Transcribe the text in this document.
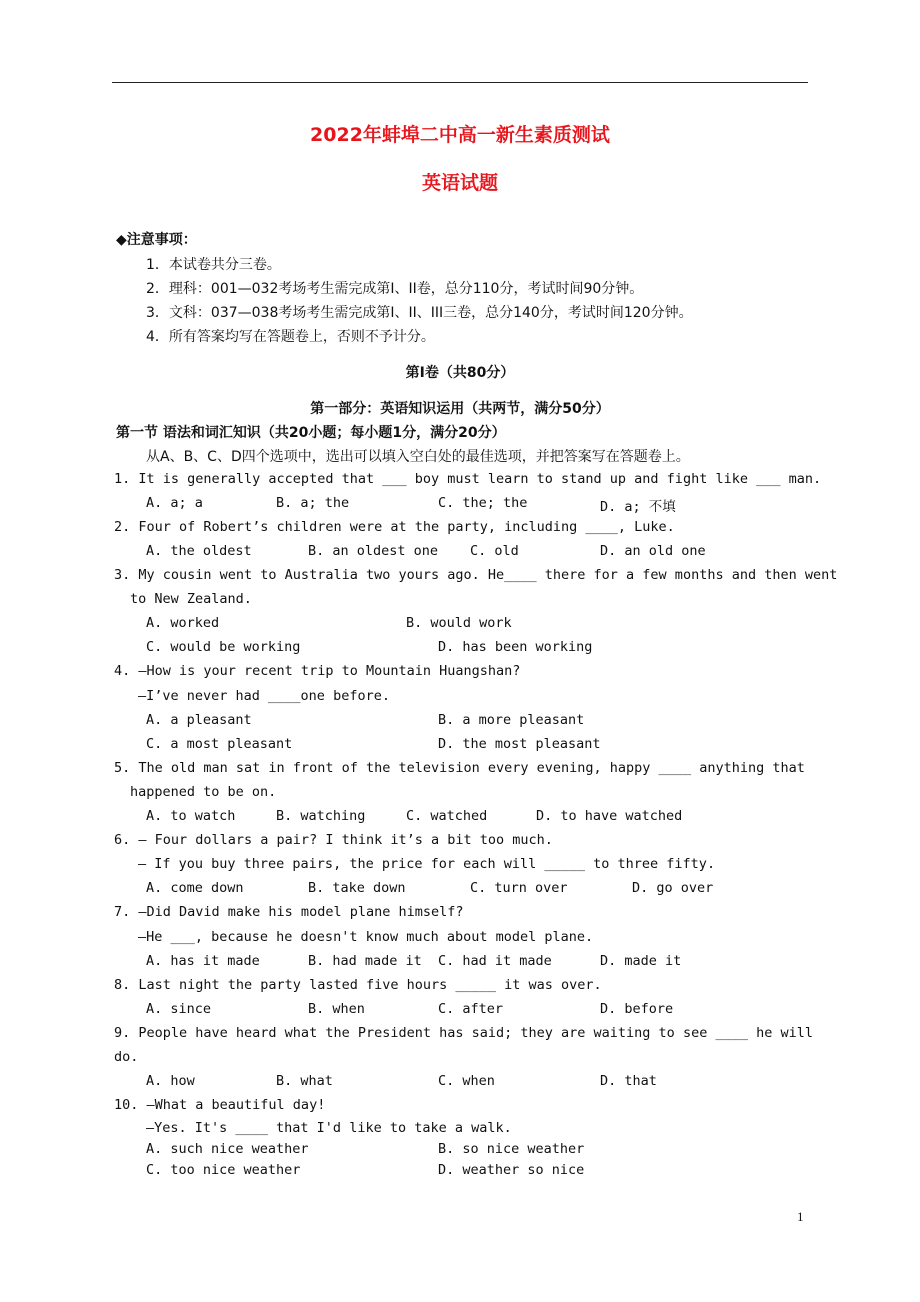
2022年蚌埠二中高一新生素质测试
英语试题
◆注意事项：
1．本试卷共分三卷。
2．理科：001—032考场考生需完成第Ⅰ、II卷，总分110分，考试时间90分钟。
3．文科：037—038考场考生需完成第Ⅰ、II、III三卷，总分140分，考试时间120分钟。
4．所有答案均写在答题卷上，否则不予计分。
第Ⅰ卷（共80分）
第一部分：英语知识运用（共两节，满分50分）
第一节 语法和词汇知识（共20小题；每小题1分，满分20分）
从A、B、C、D四个选项中，选出可以填入空白处的最佳选项，并把答案写在答题卷上。
1. It is generally accepted that ___ boy must learn to stand up and fight like ___ man.
A. a; a	B. a; the	C. the; the	D. a; 不填
2. Four of Robert’s children were at the party, including ____, Luke.
A. the oldest	B. an oldest one C. old	D. an old one
3. My cousin went to Australia two yours ago. He____ there for a few months and then went
to New Zealand.
A. worked	B. would work
C. would be working	D. has been working
4. —How is your recent trip to Mountain Huangshan?
—I’ve never had ____one before.
A. a pleasant	B. a more pleasant
C. a most pleasant	D. the most pleasant
5. The old man sat in front of the television every evening, happy ____ anything that
happened to be on.
A. to watch	B. watching	C. watched	D. to have watched
6. — Four dollars a pair? I think it’s a bit too much.
— If you buy three pairs, the price for each will _____ to three fifty.
A. come down	B. take down	C. turn over	D. go over
7. —Did David make his model plane himself?
—He ___, because he doesn't know much about model plane.
A. has it made	B. had made it C. had it made	D. made it
8. Last night the party lasted five hours _____ it was over.
A. since	B. when	C. after	D. before
9. People have heard what the President has said; they are waiting to see ____ he will
do.
A. how	B. what	C. when	D. that
10. —What a beautiful day!
—Yes. It's ____ that I'd like to take a walk.
A. such nice weather	B. so nice weather
C. too nice weather	D. weather so nice
1
